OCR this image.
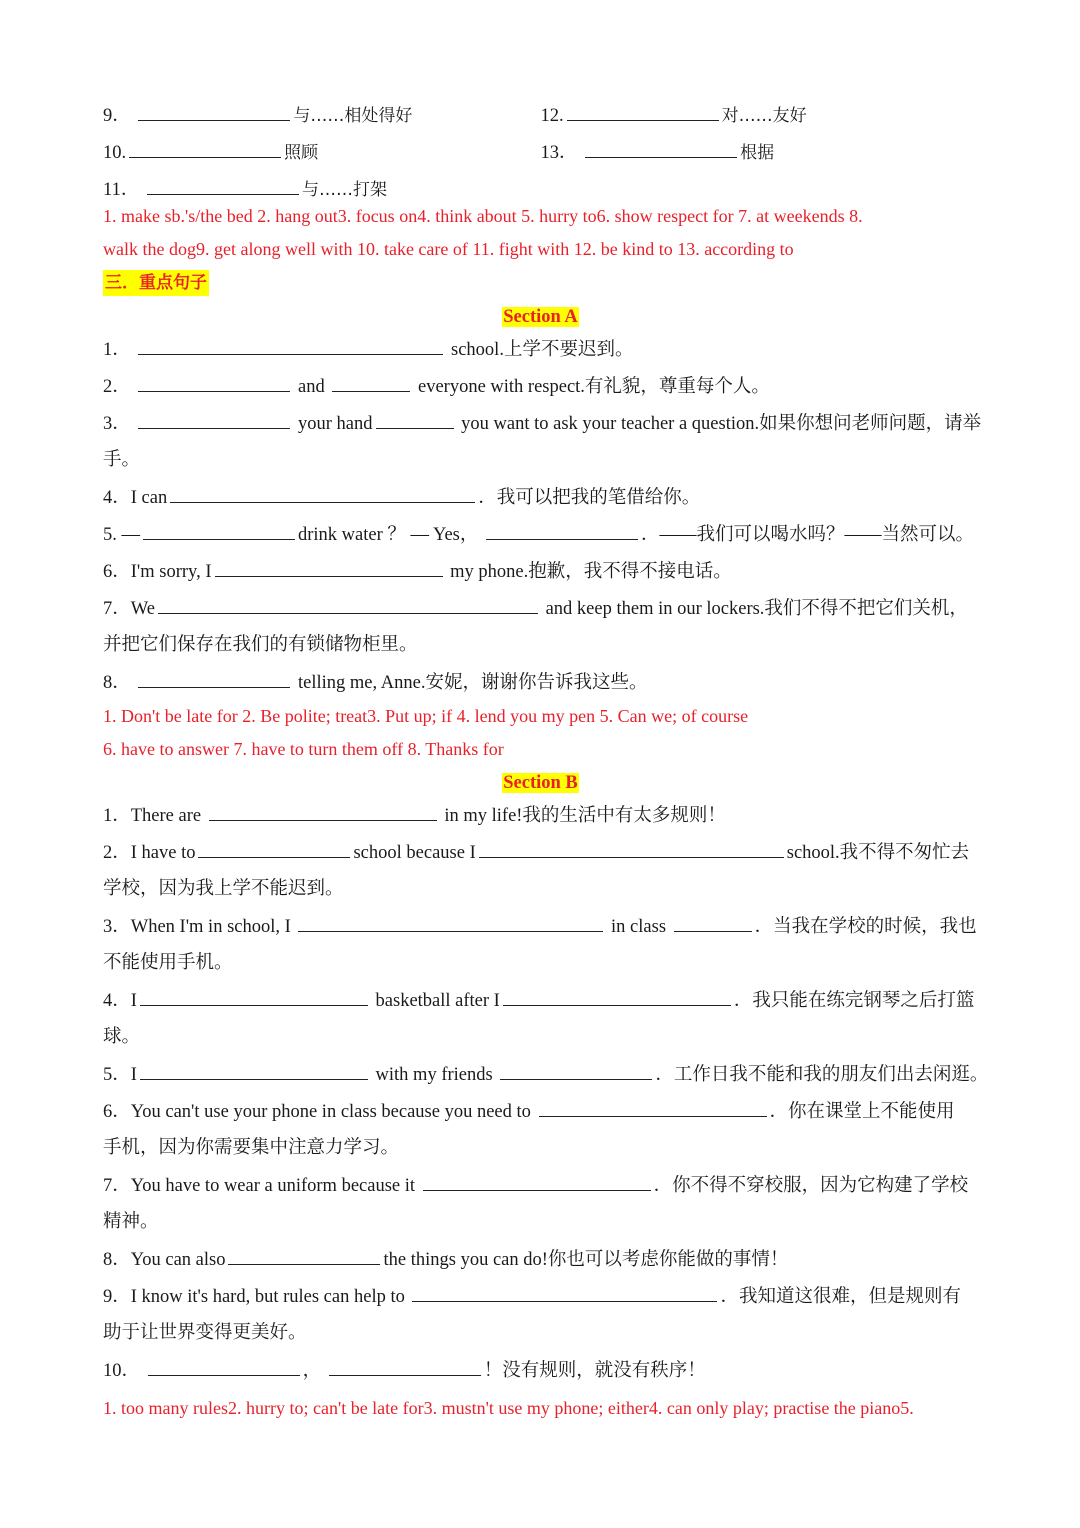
9．	与……相处得好	12.	对……友好
10.	照顾	13．	根据
11．	与……打架
1. make sb.'s/the bed 2. hang out3. focus on4. think about 5. hurry to6. show respect for 7. at weekends 8.
walk the dog9. get along well with 10. take care of 11. fight with 12. be kind to 13. according to
三．重点句子
Section A
1．	school.上学不要迟到。
2．	and	everyone with respect.有礼貌，尊重每个人。
3．	your hand	you want to ask your teacher a question.如果你想问老师问题，请举
手。
4．I can	．我可以把我的笔借给你。
5. —	drink water ？ — Yes，	．——我们可以喝水吗？——当然可以。
6．I'm sorry, I	my phone.抱歉，我不得不接电话。
7．We	and keep them in our lockers.我们不得不把它们关机，
并把它们保存在我们的有锁储物柜里。
8．	telling me, Anne.安妮，谢谢你告诉我这些。
1. Don't be late for 2. Be polite; treat3. Put up; if 4. lend you my pen 5. Can we; of course
6. have to answer 7. have to turn them off 8. Thanks for
Section B
1．There are	in my life!我的生活中有太多规则！
2．I have to	school because I	school.我不得不匆忙去
学校，因为我上学不能迟到。
3．When I'm in school, I	in class	．当我在学校的时候，我也
不能使用手机。
4．I	basketball after I	．我只能在练完钢琴之后打篮
球。
5．I	with my friends	．工作日我不能和我的朋友们出去闲逛。
6．You can't use your phone in class because you need to	．你在课堂上不能使用
手机，因为你需要集中注意力学习。
7．You have to wear a uniform because it	．你不得不穿校服，因为它构建了学校
精神。
8．You can also	the things you can do!你也可以考虑你能做的事情！
9．I know it's hard, but rules can help to	．我知道这很难，但是规则有
助于让世界变得更美好。
10．	，	！没有规则，就没有秩序！
1. too many rules2. hurry to; can't be late for3. mustn't use my phone; either4. can only play; practise the piano5.
